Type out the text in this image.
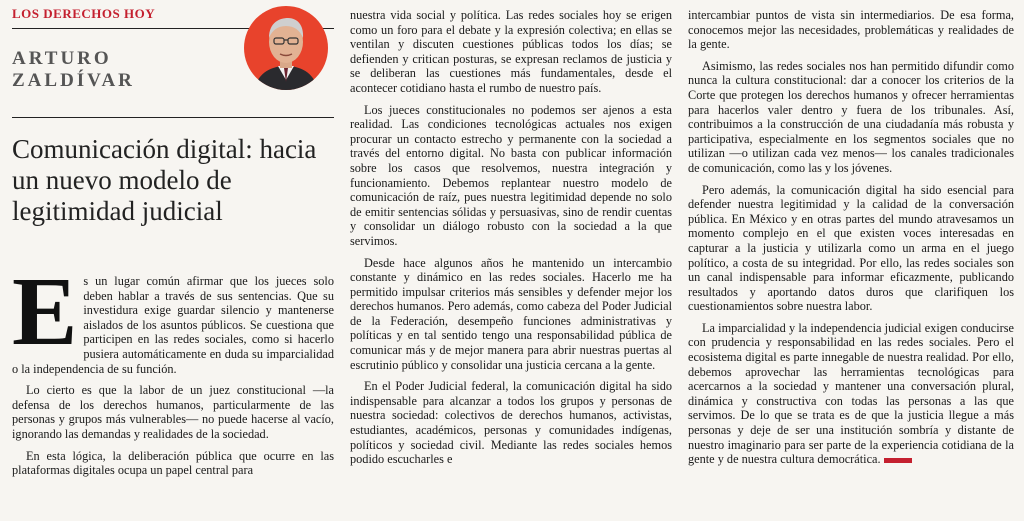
LOS DERECHOS HOY
ARTURO
ZALDÍVAR
Comunicación digital: hacia un nuevo modelo de legitimidad judicial

Es un lugar común afirmar que los jueces solo deben hablar a través de sus sentencias. Que su investidura exige guardar silencio y mantenerse aislados de los asuntos públicos. Se cuestiona que participen en las redes sociales, como si hacerlo pusiera automáticamente en duda su imparcialidad o la independencia de su función.

Lo cierto es que la labor de un juez constitucional —la defensa de los derechos humanos, particularmente de las personas y grupos más vulnerables— no puede hacerse al vacío, ignorando las demandas y realidades de la sociedad.

En esta lógica, la deliberación pública que ocurre en las plataformas digitales ocupa un papel central para

nuestra vida social y política. Las redes sociales hoy se erigen como un foro para el debate y la expresión colectiva; en ellas se ventilan y discuten cuestiones públicas todos los días; se defienden y critican posturas, se expresan reclamos de justicia y se deliberan las cuestiones más fundamentales, desde el acontecer cotidiano hasta el rumbo de nuestro país.

Los jueces constitucionales no podemos ser ajenos a esta realidad. Las condiciones tecnológicas actuales nos exigen procurar un contacto estrecho y permanente con la sociedad a través del entorno digital. No basta con publicar información sobre los casos que resolvemos, nuestra integración y funcionamiento. Debemos replantear nuestro modelo de comunicación de raíz, pues nuestra legitimidad depende no solo de emitir sentencias sólidas y persuasivas, sino de rendir cuentas y consolidar un diálogo robusto con la sociedad a la que servimos.

Desde hace algunos años he mantenido un intercambio constante y dinámico en las redes sociales. Hacerlo me ha permitido impulsar criterios más sensibles y defender mejor los derechos humanos. Pero además, como cabeza del Poder Judicial de la Federación, desempeño funciones administrativas y políticas y en tal sentido tengo una responsabilidad pública de comunicar más y de mejor manera para abrir nuestras puertas al escrutinio público y consolidar una justicia cercana a la gente.

En el Poder Judicial federal, la comunicación digital ha sido indispensable para alcanzar a todos los grupos y personas de nuestra sociedad: colectivos de derechos humanos, activistas, estudiantes, académicos, personas y comunidades indígenas, políticos y sociedad civil. Mediante las redes sociales hemos podido escucharles e

intercambiar puntos de vista sin intermediarios. De esa forma, conocemos mejor las necesidades, problemáticas y realidades de la gente.

Asimismo, las redes sociales nos han permitido difundir como nunca la cultura constitucional: dar a conocer los criterios de la Corte que protegen los derechos humanos y ofrecer herramientas para hacerlos valer dentro y fuera de los tribunales. Así, contribuimos a la construcción de una ciudadanía más robusta y participativa, especialmente en los segmentos sociales que no utilizan —o utilizan cada vez menos— los canales tradicionales de comunicación, como las y los jóvenes.

Pero además, la comunicación digital ha sido esencial para defender nuestra legitimidad y la calidad de la conversación pública. En México y en otras partes del mundo atravesamos un momento complejo en el que existen voces interesadas en capturar a la justicia y utilizarla como un arma en el juego político, a costa de su integridad. Por ello, las redes sociales son un canal indispensable para informar eficazmente, publicando resultados y aportando datos duros que clarifiquen los cuestionamientos sobre nuestra labor.

La imparcialidad y la independencia judicial exigen conducirse con prudencia y responsabilidad en las redes sociales. Pero el ecosistema digital es parte innegable de nuestra realidad. Por ello, debemos aprovechar las herramientas tecnológicas para acercarnos a la sociedad y mantener una conversación plural, dinámica y constructiva con todas las personas a las que servimos. De lo que se trata es de que la justicia llegue a más personas y deje de ser una institución sombría y distante de nuestro imaginario para ser parte de la experiencia cotidiana de la gente y de nuestra cultura democrática.
